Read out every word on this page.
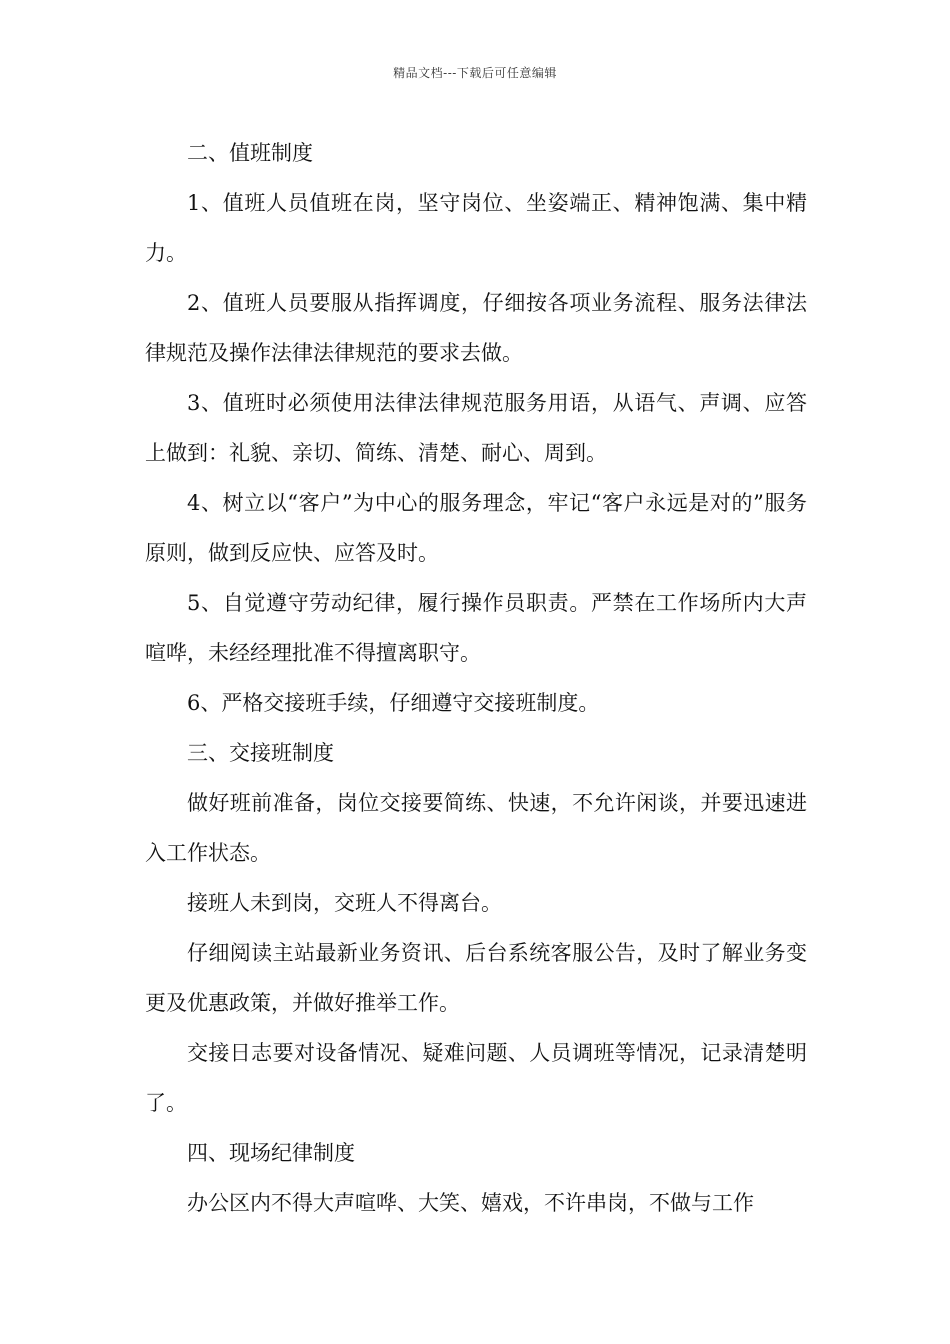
精品文档---下载后可任意编辑

二、值班制度

1、值班人员值班在岗，坚守岗位、坐姿端正、精神饱满、集中精力。

2、值班人员要服从指挥调度，仔细按各项业务流程、服务法律法律规范及操作法律法律规范的要求去做。

3、值班时必须使用法律法律规范服务用语，从语气、声调、应答上做到：礼貌、亲切、简练、清楚、耐心、周到。

4、树立以“客户”为中心的服务理念，牢记“客户永远是对的”服务原则，做到反应快、应答及时。

5、自觉遵守劳动纪律，履行操作员职责。严禁在工作场所内大声喧哗，未经经理批准不得擅离职守。

6、严格交接班手续，仔细遵守交接班制度。

三、交接班制度

做好班前准备，岗位交接要简练、快速，不允许闲谈，并要迅速进入工作状态。

接班人未到岗，交班人不得离台。

仔细阅读主站最新业务资讯、后台系统客服公告，及时了解业务变更及优惠政策，并做好推举工作。

交接日志要对设备情况、疑难问题、人员调班等情况，记录清楚明了。

四、现场纪律制度

办公区内不得大声喧哗、大笑、嬉戏，不许串岗，不做与工作
